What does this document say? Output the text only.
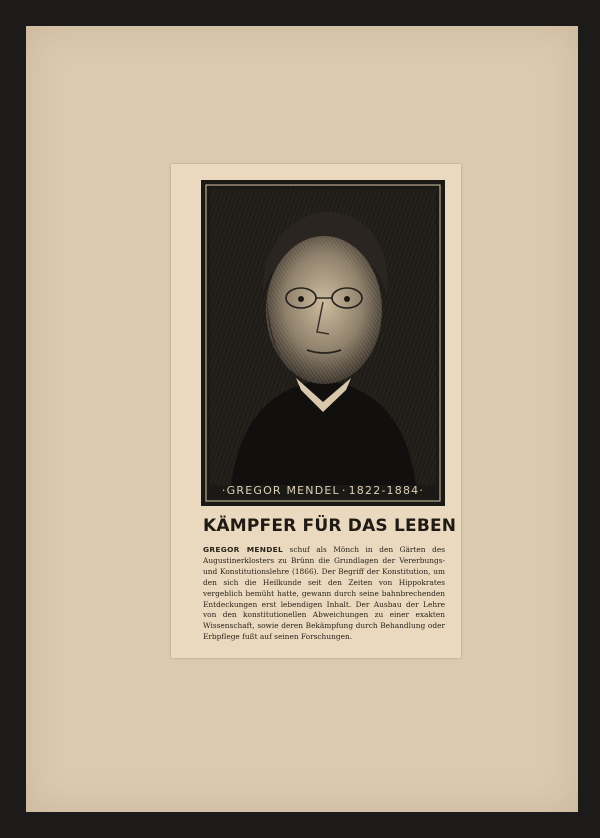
·GREGOR MENDEL · 1822-1884·
KÄMPFER FÜR DAS LEBEN
GREGOR MENDEL schuf als Mönch in den Gärten des Augustinerklosters zu Brünn die Grundlagen der Vererbungs- und Konstitutionslehre (1866). Der Begriff der Konstitution, um den sich die Heilkunde seit den Zeiten von Hippokrates vergeblich bemüht hatte, gewann durch seine bahnbrechenden Entdeckungen erst lebendigen Inhalt. Der Ausbau der Lehre von den konstitutionellen Abweichungen zu einer exakten Wissenschaft, sowie deren Bekämpfung durch Behandlung oder Erbpflege fußt auf seinen Forschungen.
